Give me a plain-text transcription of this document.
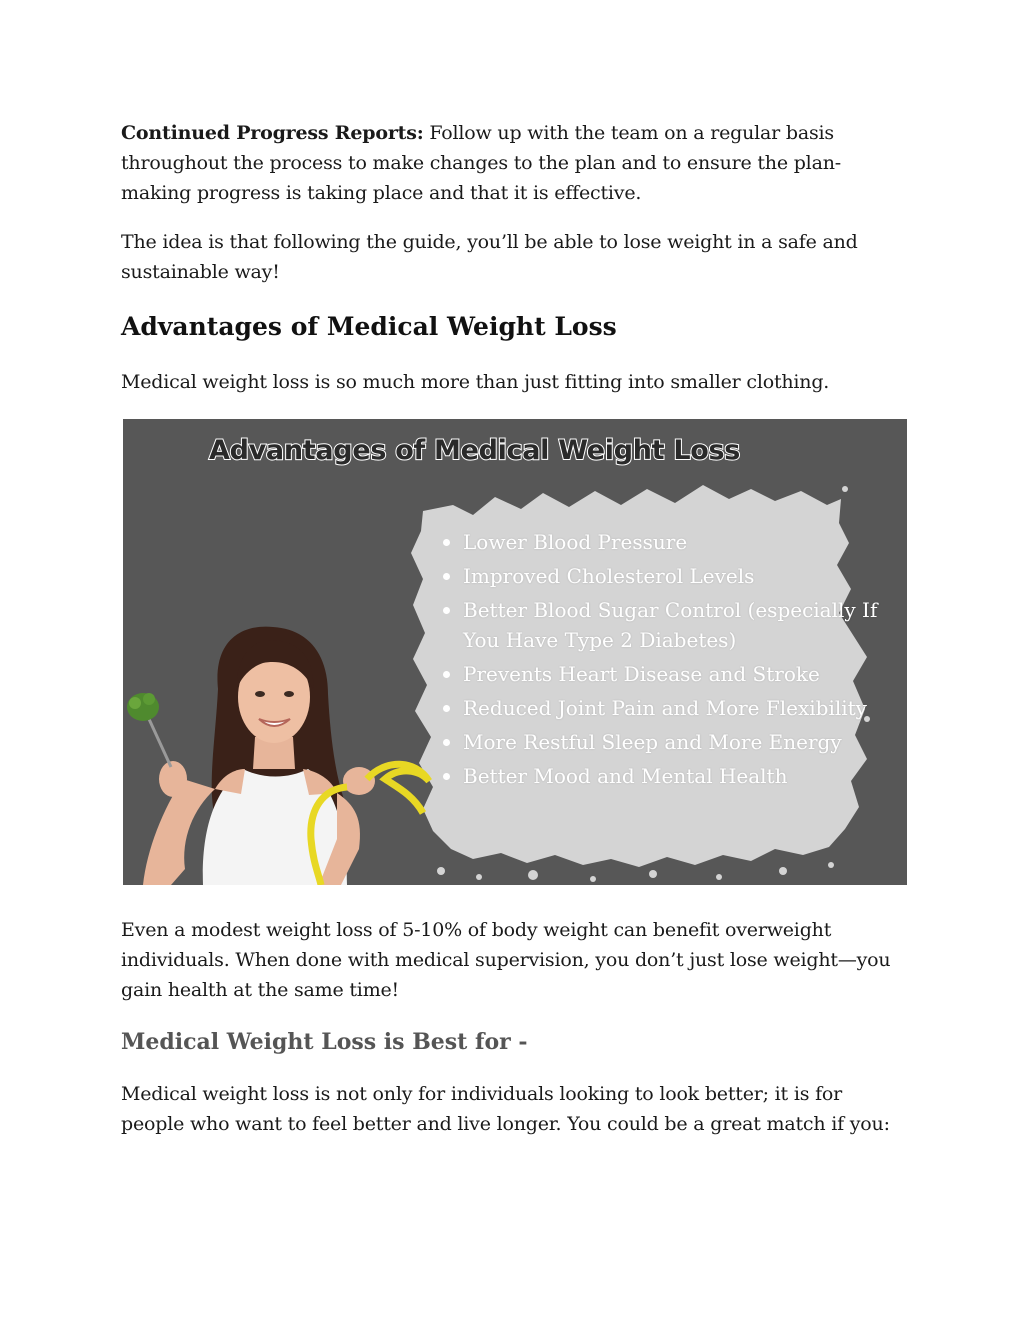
Continued Progress Reports: Follow up with the team on a regular basis throughout the process to make changes to the plan and to ensure the plan-making progress is taking place and that it is effective.

The idea is that following the guide, you’ll be able to lose weight in a safe and sustainable way!

Advantages of Medical Weight Loss

Medical weight loss is so much more than just fitting into smaller clothing.

Advantages of Medical Weight Loss
Lower Blood Pressure
Improved Cholesterol Levels
Better Blood Sugar Control (especially If You Have Type 2 Diabetes)
Prevents Heart Disease and Stroke
Reduced Joint Pain and More Flexibility
More Restful Sleep and More Energy
Better Mood and Mental Health

Even a modest weight loss of 5-10% of body weight can benefit overweight individuals. When done with medical supervision, you don’t just lose weight—you gain health at the same time!

Medical Weight Loss is Best for -

Medical weight loss is not only for individuals looking to look better; it is for people who want to feel better and live longer. You could be a great match if you:
